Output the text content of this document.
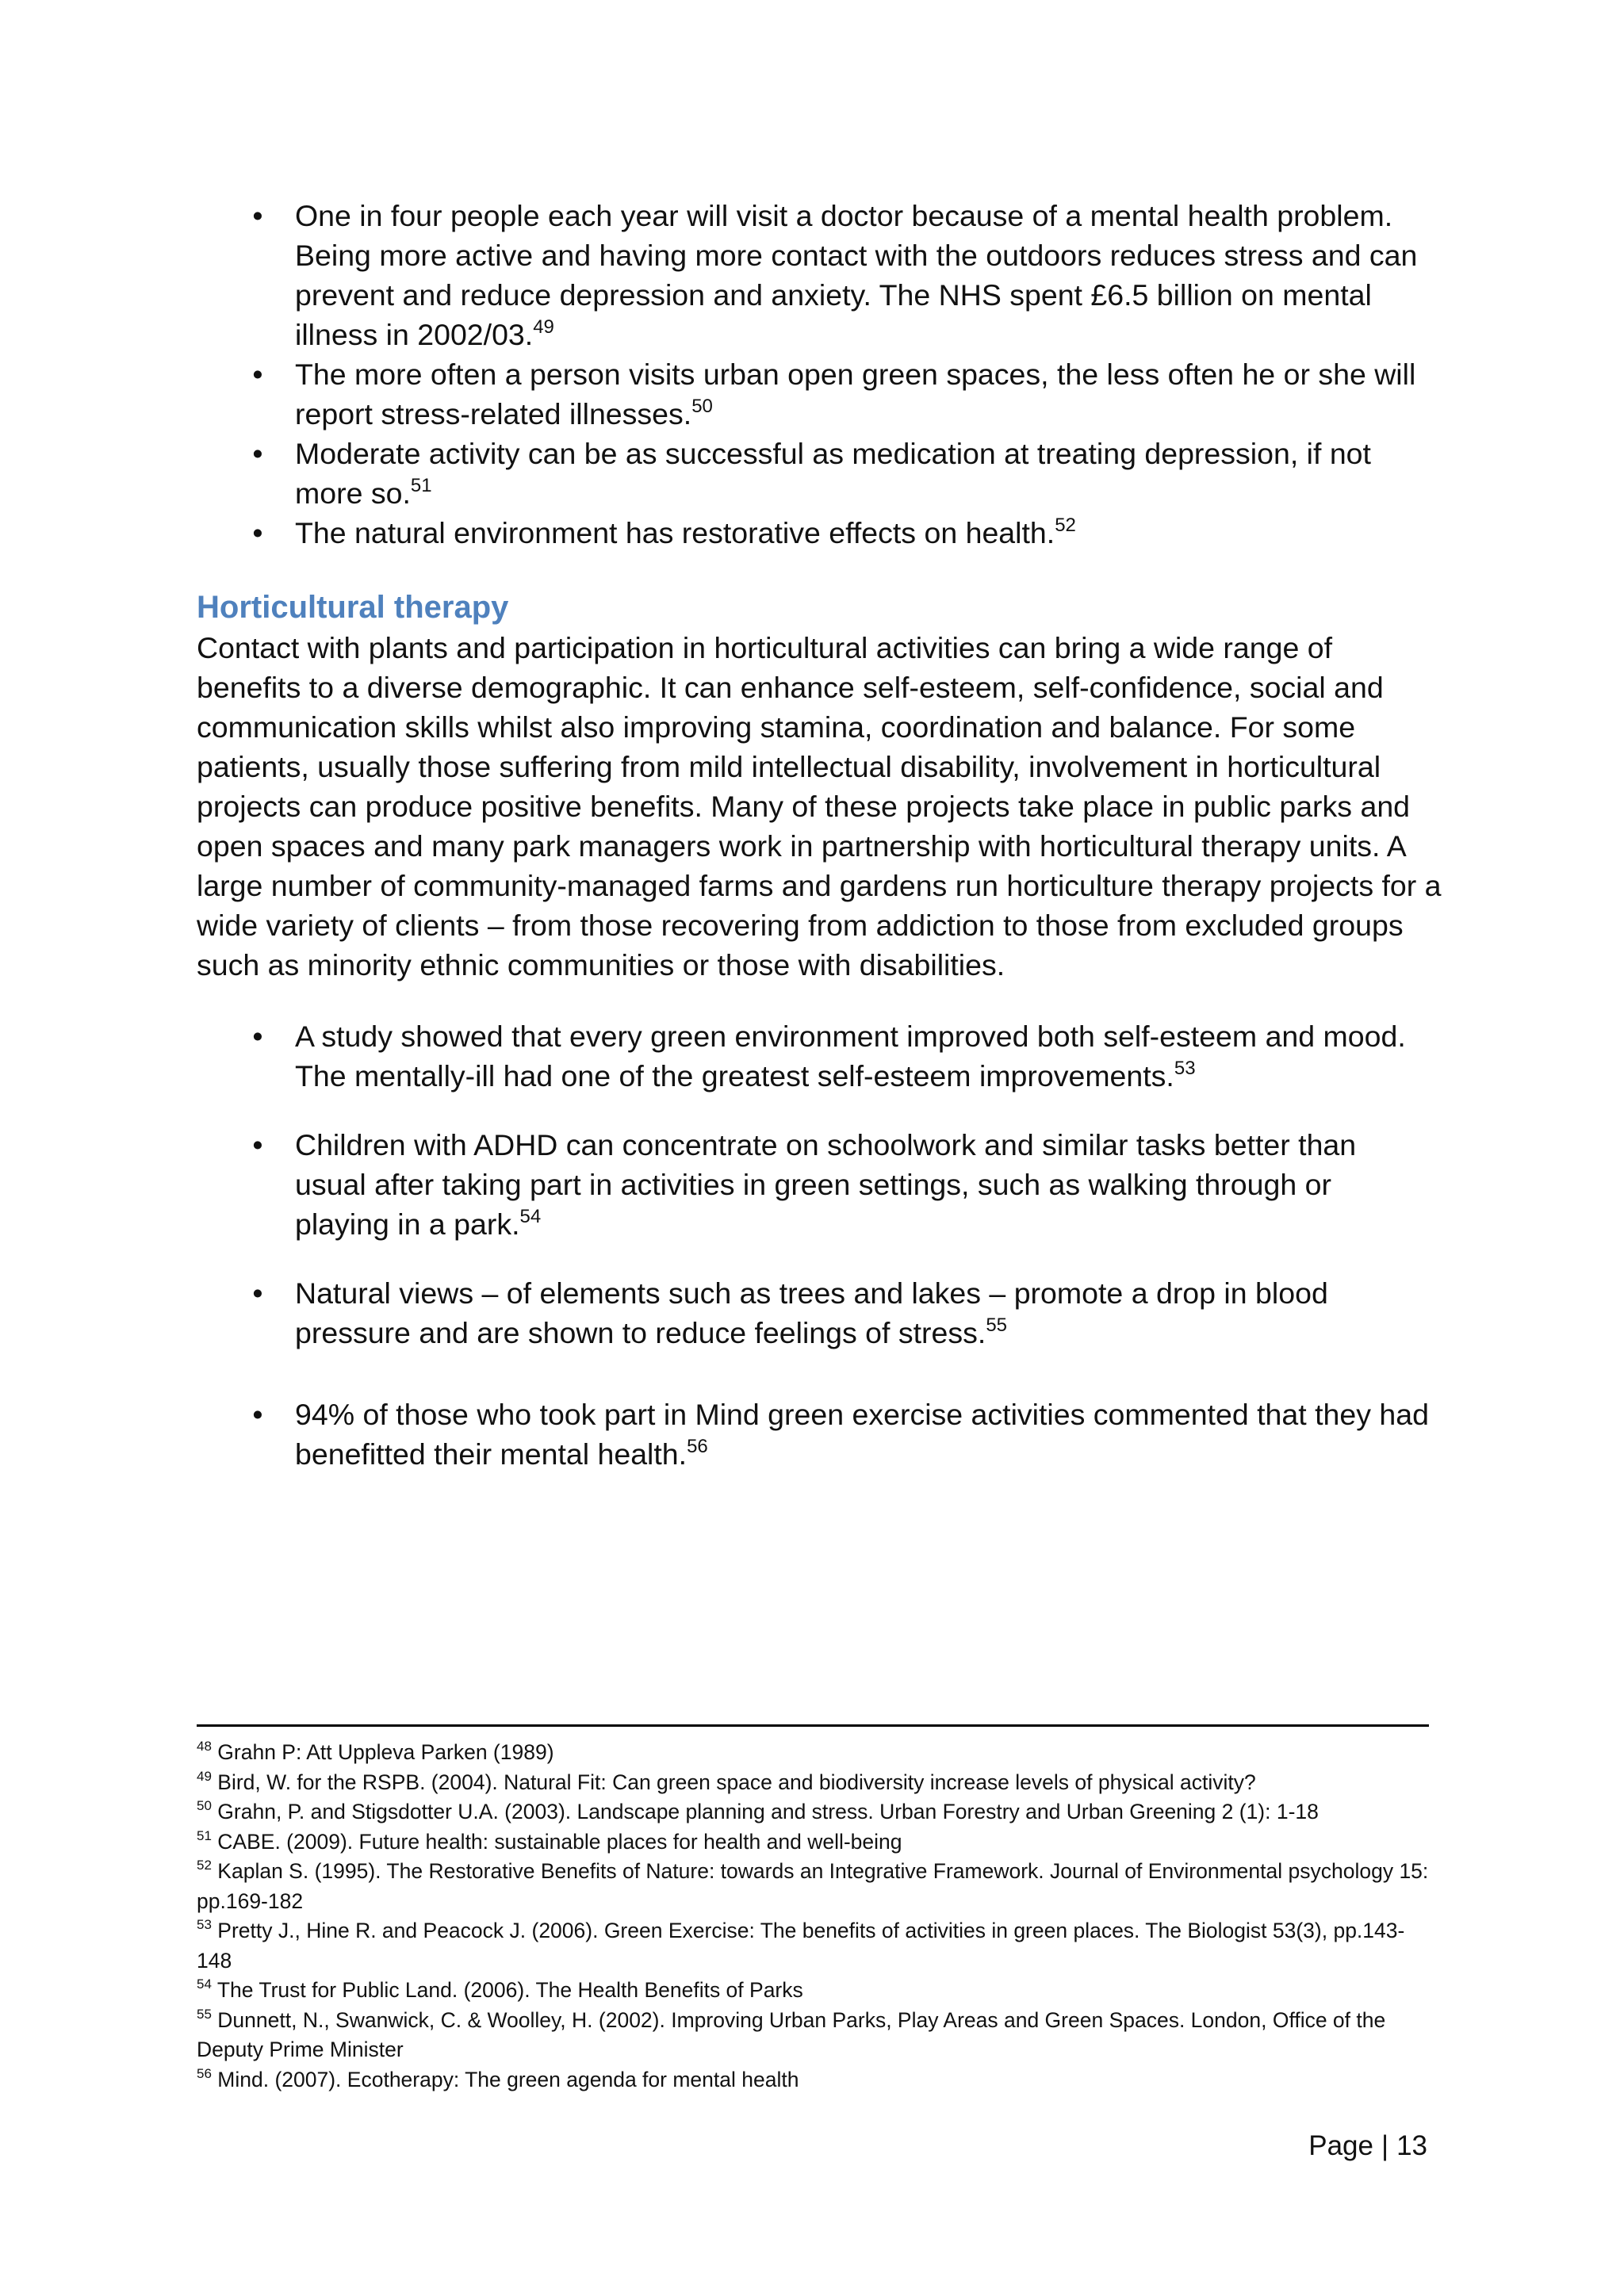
• One in four people each year will visit a doctor because of a mental health problem. Being more active and having more contact with the outdoors reduces stress and can prevent and reduce depression and anxiety. The NHS spent £6.5 billion on mental illness in 2002/03.49
• The more often a person visits urban open green spaces, the less often he or she will report stress-related illnesses.$^{50}$
• Moderate activity can be as successful as medication at treating depression, if not more so.$^{51}$
• The natural environment has restorative effects on health.$^{52}$
Horticultural therapy

Contact with plants and participation in horticultural activities can bring a wide range of benefits to a diverse demographic. It can enhance self-esteem, self-confidence, social and communication skills whilst also improving stamina, coordination and balance. For some patients, usually those suffering from mild intellectual disability, involvement in horticultural projects can produce positive benefits. Many of these projects take place in public parks and open spaces and many park managers work in partnership with horticultural therapy units. A large number of community-managed farms and gardens run horticulture therapy projects for a wide variety of clients – from those recovering from addiction to those from excluded groups such as minority ethnic communities or those with disabilities.

• A study showed that every green environment improved both self-esteem and mood. The mentally-ill had one of the greatest self-esteem improvements.$^{53}$
• Children with ADHD can concentrate on schoolwork and similar tasks better than usual after taking part in activities in green settings, such as walking through or playing in a park.$^{54}$
• Natural views – of elements such as trees and lakes – promote a drop in blood pressure and are shown to reduce feelings of stress.$^{55}$
• 94% of those who took part in Mind green exercise activities commented that they had benefitted their mental health.$^{56}$
$^{48}$ Grahn P: Att Uppleva Parken (1989)
$^{49}$ Bird, W. for the RSPB. (2004). Natural Fit: Can green space and biodiversity increase levels of physical activity?
$^{50}$ Grahn, P. and Stigsdotter U.A. (2003). Landscape planning and stress. Urban Forestry and Urban Greening 2 (1): 1-18
$^{51}$ CABE. (2009). Future health: sustainable places for health and well-being
$^{52}$ Kaplan S. (1995). The Restorative Benefits of Nature: towards an Integrative Framework. Journal of Environmental psychology 15: pp.169-182
$^{53}$ Pretty J., Hine R. and Peacock J. (2006). Green Exercise: The benefits of activities in green places. The Biologist 53(3), pp.143-148
$^{54}$ The Trust for Public Land. (2006). The Health Benefits of Parks
$^{55}$ Dunnett, N., Swanwick, C. & Woolley, H. (2002). Improving Urban Parks, Play Areas and Green Spaces. London, Office of the Deputy Prime Minister
$^{56}$ Mind. (2007). Ecotherapy: The green agenda for mental health
Page | 13
